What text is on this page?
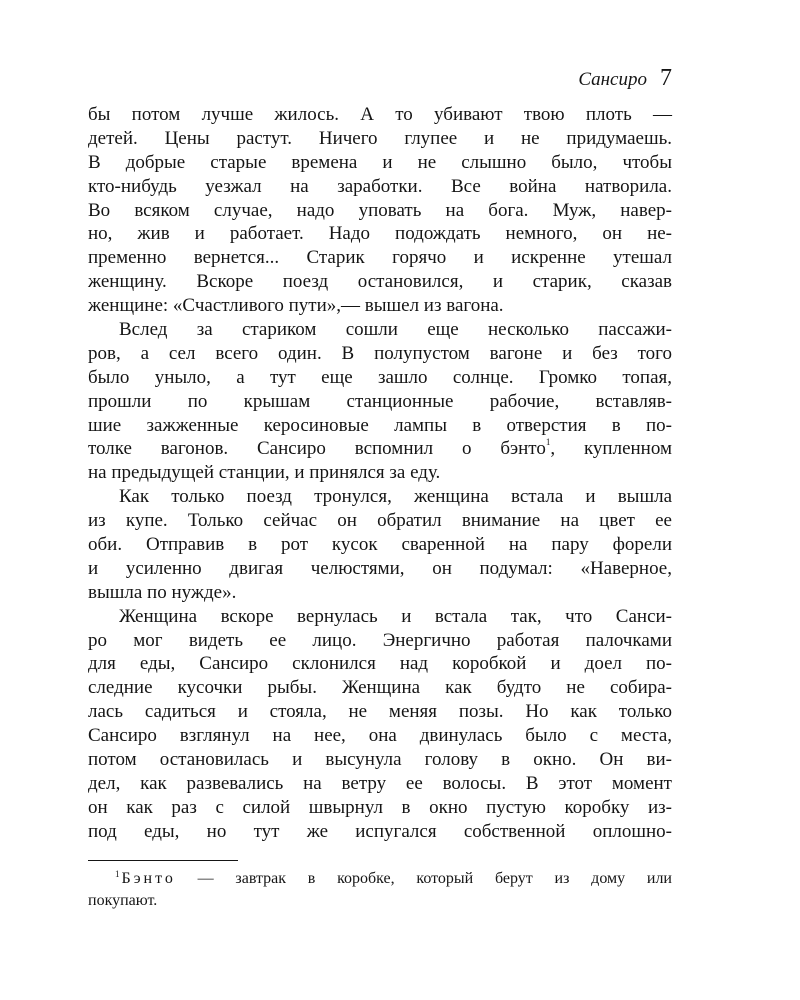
Сансиро 7
бы потом лучше жилось. А то убивают твою плоть —
детей. Цены растут. Ничего глупее и не придумаешь.
В добрые старые времена и не слышно было, чтобы
кто-нибудь уезжал на заработки. Все война натворила.
Во всяком случае, надо уповать на бога. Муж, навер-
но, жив и работает. Надо подождать немного, он не-
пременно вернется... Старик горячо и искренне утешал
женщину. Вскоре поезд остановился, и старик, сказав
женщине: «Счастливого пути»,— вышел из вагона.
Вслед за стариком сошли еще несколько пассажи-
ров, а сел всего один. В полупустом вагоне и без того
было уныло, а тут еще зашло солнце. Громко топая,
прошли по крышам станционные рабочие, вставляв-
шие зажженные керосиновые лампы в отверстия в по-
толке вагонов. Сансиро вспомнил о бэнто$^1$, купленном
на предыдущей станции, и принялся за еду.
Как только поезд тронулся, женщина встала и вышла
из купе. Только сейчас он обратил внимание на цвет ее
оби. Отправив в рот кусок сваренной на пару форели
и усиленно двигая челюстями, он подумал: «Наверное,
вышла по нужде».
Женщина вскоре вернулась и встала так, что Санси-
ро мог видеть ее лицо. Энергично работая палочками
для еды, Сансиро склонился над коробкой и доел по-
следние кусочки рыбы. Женщина как будто не собира-
лась садиться и стояла, не меняя позы. Но как только
Сансиро взглянул на нее, она двинулась было с места,
потом остановилась и высунула голову в окно. Он ви-
дел, как развевались на ветру ее волосы. В этот момент
он как раз с силой швырнул в окно пустую коробку из-
под еды, но тут же испугался собственной оплошно-
$^1$ Бэнто — завтрак в коробке, который берут из дому или
покупают.
